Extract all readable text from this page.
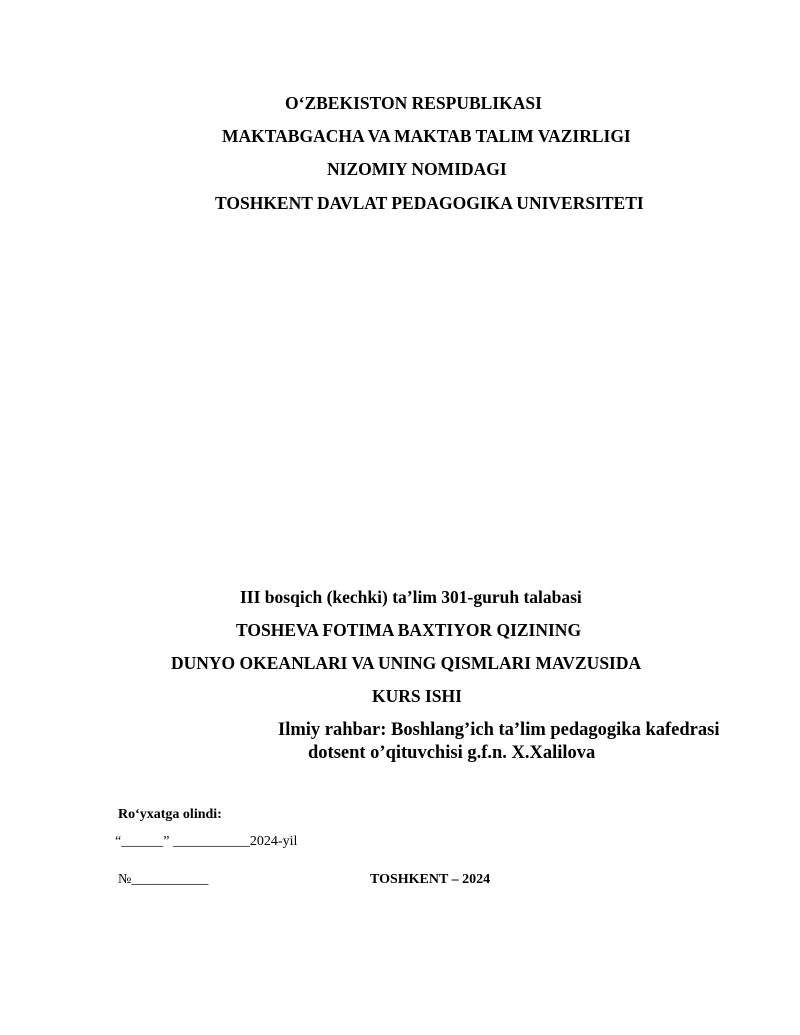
O‘ZBEKISTON RESPUBLIKASI
MAKTABGACHA VA MAKTAB TALIM VAZIRLIGI
NIZOMIY NOMIDAGI
TOSHKENT DAVLAT PEDAGOGIKA UNIVERSITETI
III bosqich (kechki) ta’lim 301-guruh talabasi
TOSHEVA FOTIMA BAXTIYOR QIZINING
DUNYO OKEANLARI VA UNING QISMLARI MAVZUSIDA
KURS ISHI
Ilmiy rahbar: Boshlang’ich ta’lim pedagogika kafedrasi
dotsent o’qituvchisi g.f.n. X.Xalilova
Ro‘yxatga olindi:
“______” ___________2024-yil
№___________	TOSHKENT – 2024
